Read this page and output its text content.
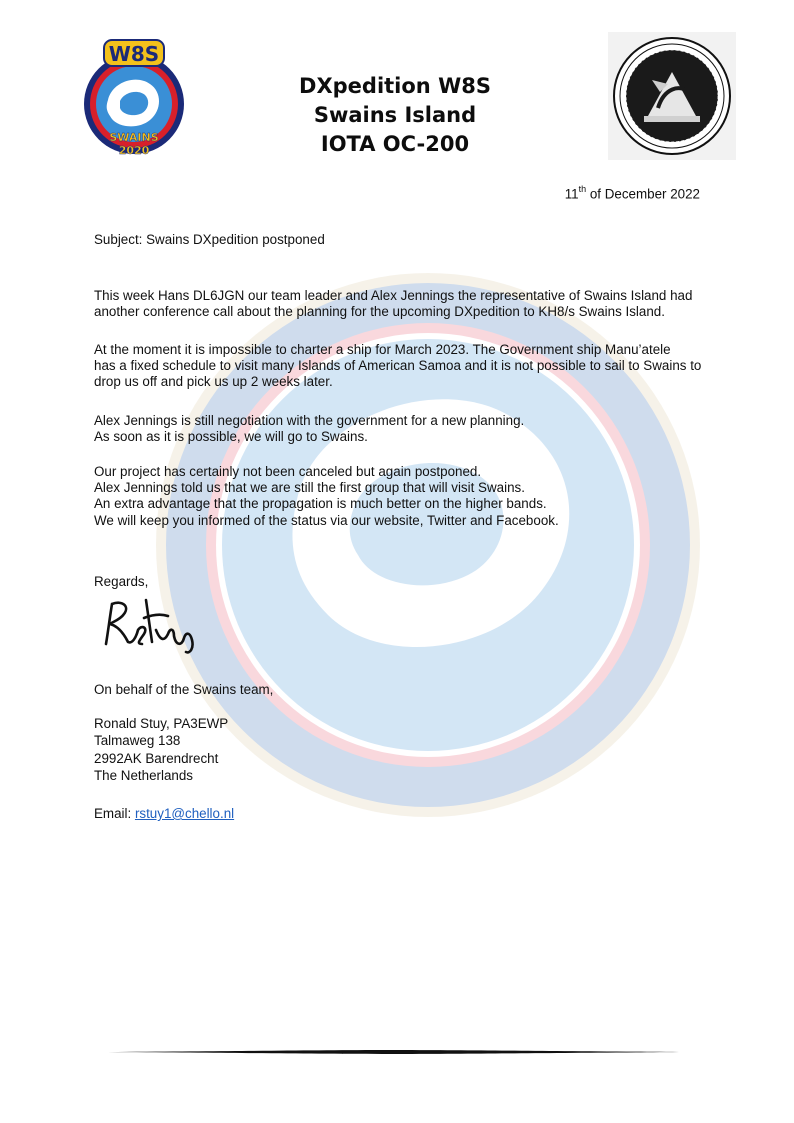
W8S
SWAINS
2020
DXpedition W8S
Swains Island
IOTA OC-200
11th of December 2022
Subject: Swains DXpedition postponed
This week Hans DL6JGN our team leader and Alex Jennings the representative of Swains Island had
another conference call about the planning for the upcoming DXpedition to KH8/s Swains Island.
At the moment it is impossible to charter a ship for March 2023. The Government ship Manu’atele
has a fixed schedule to visit many Islands of American Samoa and it is not possible to sail to Swains to
drop us off and pick us up 2 weeks later.
Alex Jennings is still negotiation with the government for a new planning.
As soon as it is possible, we will go to Swains.
Our project has certainly not been canceled but again postponed.
Alex Jennings told us that we are still the first group that will visit Swains.
An extra advantage that the propagation is much better on the higher bands.
We will keep you informed of the status via our website, Twitter and Facebook.
Regards,
On behalf of the Swains team,
Ronald Stuy, PA3EWP
Talmaweg 138
2992AK Barendrecht
The Netherlands
Email: rstuy1@chello.nl
